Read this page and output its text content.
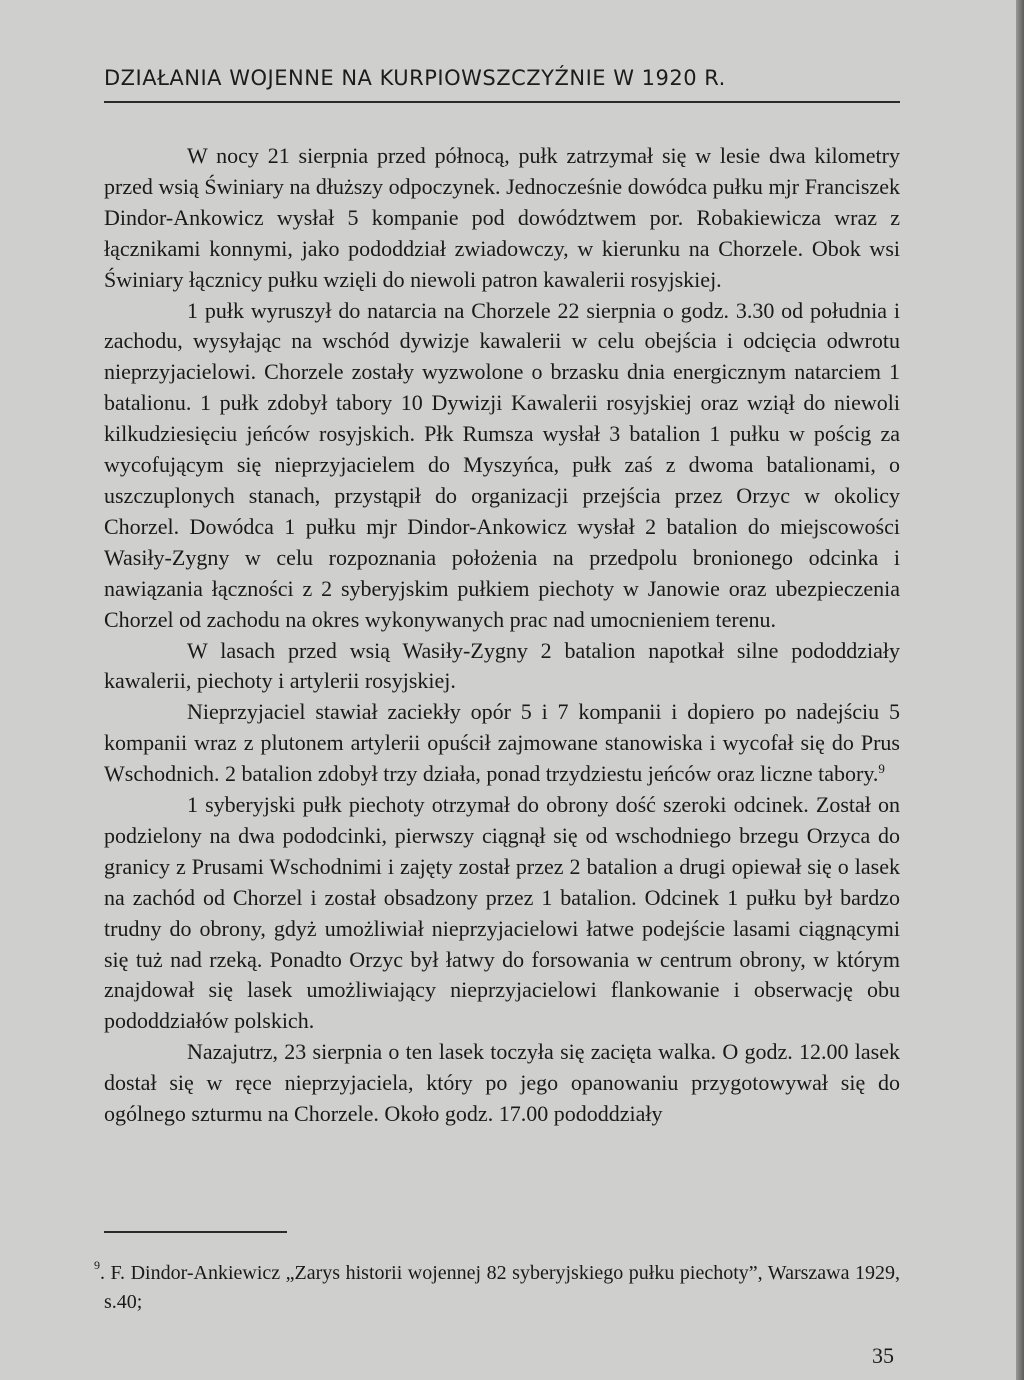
DZIAŁANIA WOJENNE NA KURPIOWSZCZYŹNIE W 1920 R.

W nocy 21 sierpnia przed północą, pułk zatrzymał się w lesie dwa kilometry przed wsią Świniary na dłuższy odpoczynek. Jednocześnie dowódca pułku mjr Franciszek Dindor-Ankowicz wysłał 5 kompanie pod dowództwem por. Robakiewicza wraz z łącznikami konnymi, jako pododdział zwiadowczy, w kierunku na Chorzele. Obok wsi Świniary łącznicy pułku wzięli do niewoli patron kawalerii rosyjskiej.

1 pułk wyruszył do natarcia na Chorzele 22 sierpnia o godz. 3.30 od południa i zachodu, wysyłając na wschód dywizje kawalerii w celu obejścia i odcięcia odwrotu nieprzyjacielowi. Chorzele zostały wyzwolone o brzasku dnia energicznym natarciem 1 batalionu. 1 pułk zdobył tabory 10 Dywizji Kawalerii rosyjskiej oraz wziął do niewoli kilkudziesięciu jeńców rosyjskich. Płk Rumsza wysłał 3 batalion 1 pułku w pościg za wycofującym się nieprzyjacielem do Myszyńca, pułk zaś z dwoma batalionami, o uszczuplonych stanach, przystąpił do organizacji przejścia przez Orzyc w okolicy Chorzel. Dowódca 1 pułku mjr Dindor-Ankowicz wysłał 2 batalion do miejscowości Wasiły-Zygny w celu rozpoznania położenia na przedpolu bronionego odcinka i nawiązania łączności z 2 syberyjskim pułkiem piechoty w Janowie oraz ubezpieczenia Chorzel od zachodu na okres wykonywanych prac nad umocnieniem terenu.

W lasach przed wsią Wasiły-Zygny 2 batalion napotkał silne pododdziały kawalerii, piechoty i artylerii rosyjskiej.

Nieprzyjaciel stawiał zaciekły opór 5 i 7 kompanii i dopiero po nadejściu 5 kompanii wraz z plutonem artylerii opuścił zajmowane stanowiska i wycofał się do Prus Wschodnich. 2 batalion zdobył trzy działa, ponad trzydziestu jeńców oraz liczne tabory.$^9$

1 syberyjski pułk piechoty otrzymał do obrony dość szeroki odcinek. Został on podzielony na dwa pododcinki, pierwszy ciągnął się od wschodniego brzegu Orzyca do granicy z Prusami Wschodnimi i zajęty został przez 2 batalion a drugi opiewał się o lasek na zachód od Chorzel i został obsadzony przez 1 batalion. Odcinek 1 pułku był bardzo trudny do obrony, gdyż umożliwiał nieprzyjacielowi łatwe podejście lasami ciągnącymi się tuż nad rzeką. Ponadto Orzyc był łatwy do forsowania w centrum obrony, w którym znajdował się lasek umożliwiający nieprzyjacielowi flankowanie i obserwację obu pododdziałów polskich.

Nazajutrz, 23 sierpnia o ten lasek toczyła się zacięta walka. O godz. 12.00 lasek dostał się w ręce nieprzyjaciela, który po jego opanowaniu przygotowywał się do ogólnego szturmu na Chorzele. Około godz. 17.00 pododdziały

$^9$. F. Dindor-Ankiewicz „Zarys historii wojennej 82 syberyjskiego pułku piechoty”, Warszawa 1929, s.40;
35
